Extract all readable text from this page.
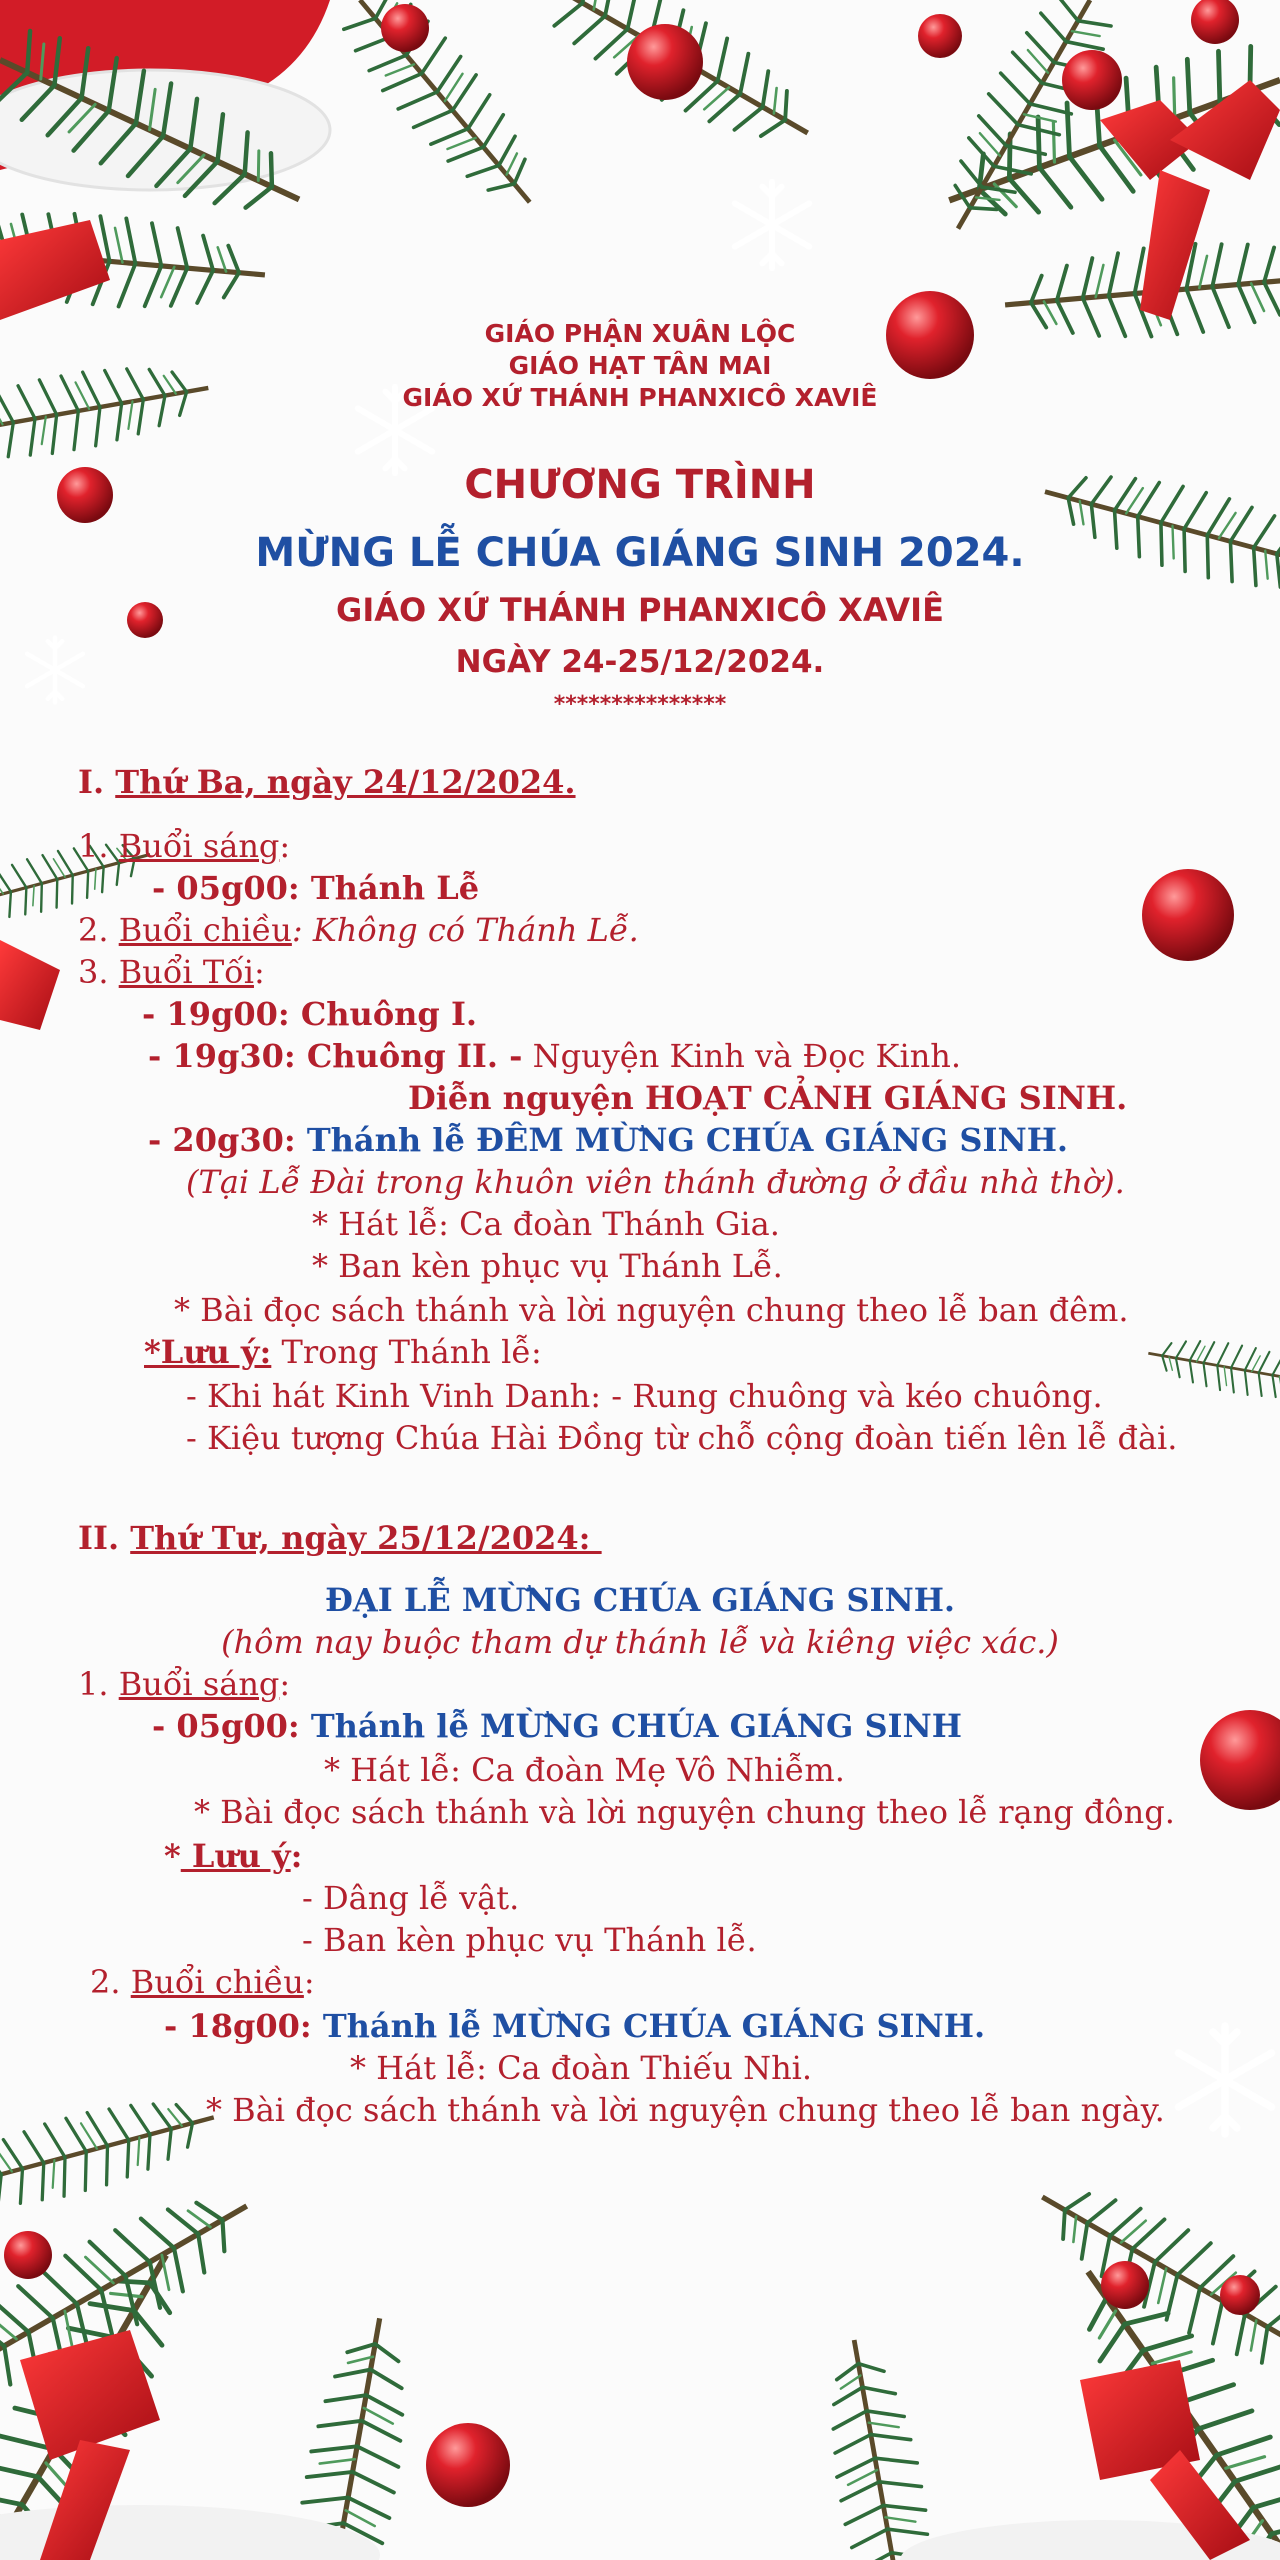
GIÁO PHẬN XUÂN LỘC
GIÁO HẠT TÂN MAI
GIÁO XỨ THÁNH PHANXICÔ XAVIÊ
CHƯƠNG TRÌNH
MỪNG LỄ CHÚA GIÁNG SINH 2024.
GIÁO XỨ THÁNH PHANXICÔ XAVIÊ
NGÀY 24-25/12/2024.
***************
I. Thứ Ba, ngày 24/12/2024.
1. Buổi sáng:
- 05g00: Thánh Lễ
2. Buổi chiều: Không có Thánh Lễ.
3. Buổi Tối:
- 19g00: Chuông I.
- 19g30: Chuông II. - Nguyện Kinh và Đọc Kinh.
Diễn nguyện HOẠT CẢNH GIÁNG SINH.
- 20g30: Thánh lễ ĐÊM MỪNG CHÚA GIÁNG SINH.
(Tại Lễ Đài trong khuôn viên thánh đường ở đầu nhà thờ).
* Hát lễ: Ca đoàn Thánh Gia.
* Ban kèn phục vụ Thánh Lễ.
* Bài đọc sách thánh và lời nguyện chung theo lễ ban đêm.
*Lưu ý: Trong Thánh lễ:
- Khi hát Kinh Vinh Danh: - Rung chuông và kéo chuông.
- Kiệu tượng Chúa Hài Đồng từ chỗ cộng đoàn tiến lên lễ đài.
II. Thứ Tư, ngày 25/12/2024:
ĐẠI LỄ MỪNG CHÚA GIÁNG SINH.
(hôm nay buộc tham dự thánh lễ và kiêng việc xác.)
1. Buổi sáng:
- 05g00: Thánh lễ MỪNG CHÚA GIÁNG SINH
* Hát lễ: Ca đoàn Mẹ Vô Nhiễm.
* Bài đọc sách thánh và lời nguyện chung theo lễ rạng đông.
* Lưu ý:
- Dâng lễ vật.
- Ban kèn phục vụ Thánh lễ.
2. Buổi chiều:
- 18g00: Thánh lễ MỪNG CHÚA GIÁNG SINH.
* Hát lễ: Ca đoàn Thiếu Nhi.
* Bài đọc sách thánh và lời nguyện chung theo lễ ban ngày.
